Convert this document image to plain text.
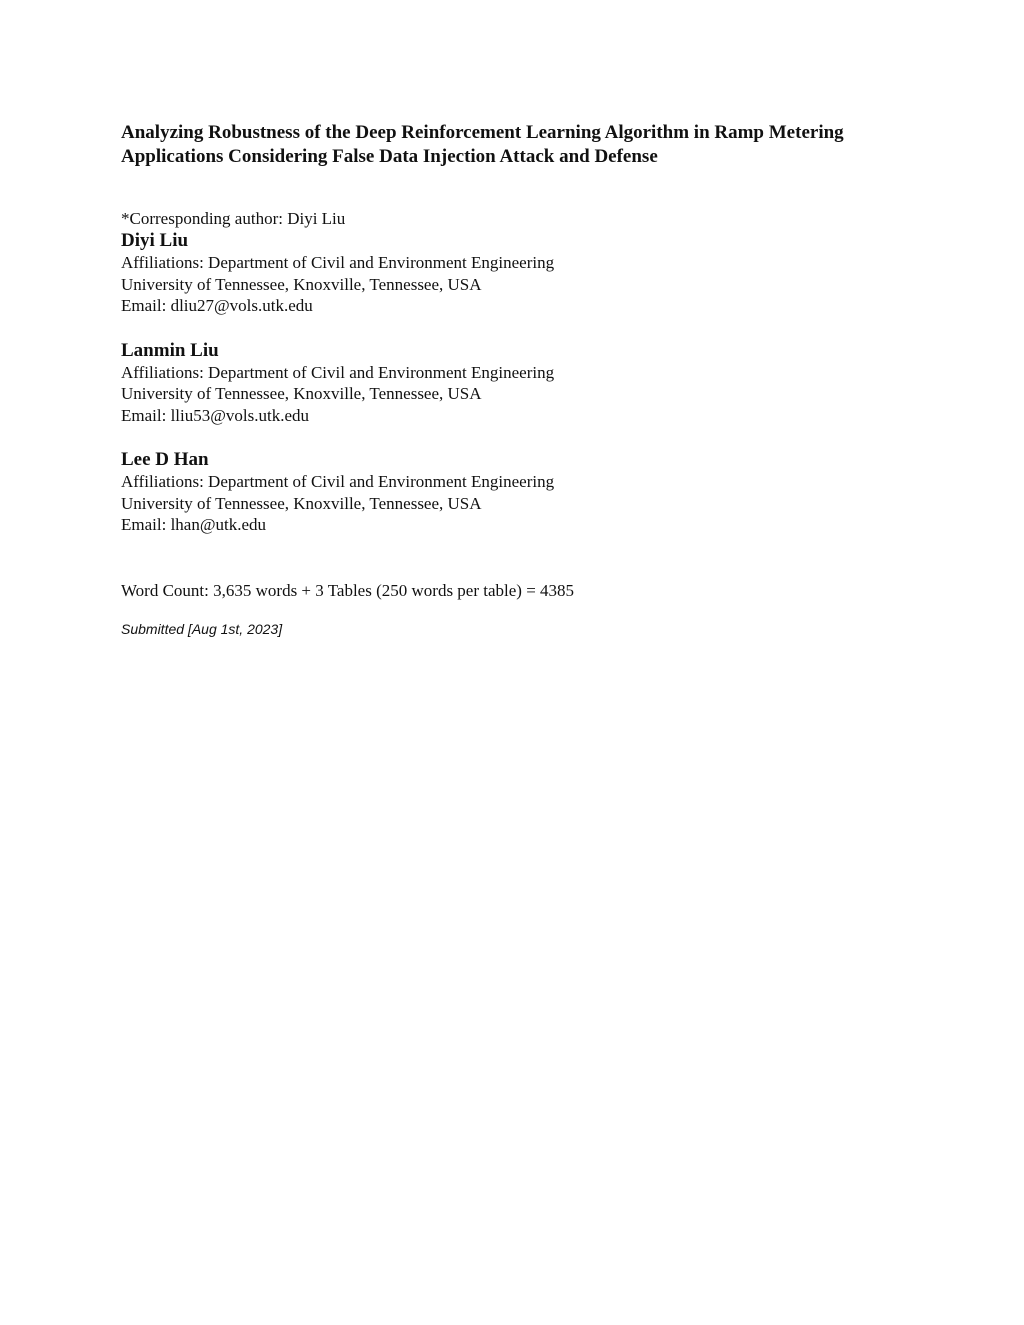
Analyzing Robustness of the Deep Reinforcement Learning Algorithm in Ramp Metering
Applications Considering False Data Injection Attack and Defense
*Corresponding author: Diyi Liu
Diyi Liu
Affiliations: Department of Civil and Environment Engineering
University of Tennessee, Knoxville, Tennessee, USA
Email: dliu27@vols.utk.edu
Lanmin Liu
Affiliations: Department of Civil and Environment Engineering
University of Tennessee, Knoxville, Tennessee, USA
Email: lliu53@vols.utk.edu
Lee D Han
Affiliations: Department of Civil and Environment Engineering
University of Tennessee, Knoxville, Tennessee, USA
Email: lhan@utk.edu
Word Count: 3,635 words + 3 Tables (250 words per table) = 4385
Submitted [Aug 1st, 2023]
